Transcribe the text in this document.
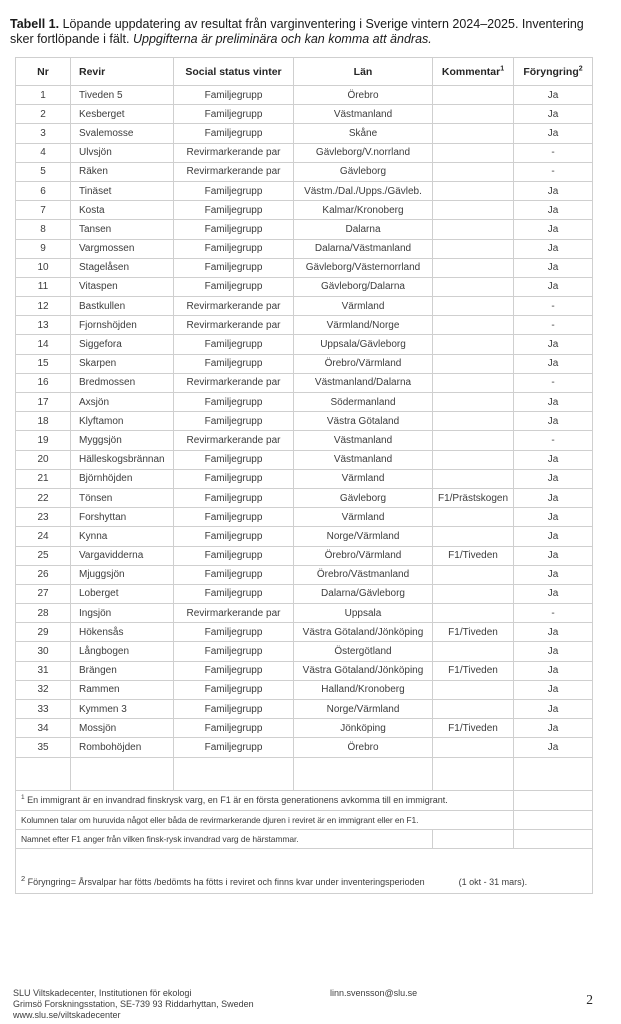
Tabell 1. Löpande uppdatering av resultat från varginventering i Sverige vintern 2024–2025. Inventering sker fortlöpande i fält. Uppgifterna är preliminära och kan komma att ändras.

Nr	Revir	Social status vinter	Län	Kommentar$^1$	Föryngring$^2$
1	Tiveden 5	Familjegrupp	Örebro		Ja
2	Kesberget	Familjegrupp	Västmanland		Ja
3	Svalemosse	Familjegrupp	Skåne		Ja
4	Ulvsjön	Revirmarkerande par	Gävleborg/V.norrland		-
5	Räken	Revirmarkerande par	Gävleborg		-
6	Tinäset	Familjegrupp	Västm./Dal./Upps./Gävleb.		Ja
7	Kosta	Familjegrupp	Kalmar/Kronoberg		Ja
8	Tansen	Familjegrupp	Dalarna		Ja
9	Vargmossen	Familjegrupp	Dalarna/Västmanland		Ja
10	Stagelåsen	Familjegrupp	Gävleborg/Västernorrland		Ja
11	Vitaspen	Familjegrupp	Gävleborg/Dalarna		Ja
12	Bastkullen	Revirmarkerande par	Värmland		-
13	Fjornshöjden	Revirmarkerande par	Värmland/Norge		-
14	Siggefora	Familjegrupp	Uppsala/Gävleborg		Ja
15	Skarpen	Familjegrupp	Örebro/Värmland		Ja
16	Bredmossen	Revirmarkerande par	Västmanland/Dalarna		-
17	Axsjön	Familjegrupp	Södermanland		Ja
18	Klyftamon	Familjegrupp	Västra Götaland		Ja
19	Myggsjön	Revirmarkerande par	Västmanland		-
20	Hälleskogsbrännan	Familjegrupp	Västmanland		Ja
21	Björnhöjden	Familjegrupp	Värmland		Ja
22	Tönsen	Familjegrupp	Gävleborg	F1/Prästskogen	Ja
23	Forshyttan	Familjegrupp	Värmland		Ja
24	Kynna	Familjegrupp	Norge/Värmland		Ja
25	Vargavidderna	Familjegrupp	Örebro/Värmland	F1/Tiveden	Ja
26	Mjuggsjön	Familjegrupp	Örebro/Västmanland		Ja
27	Loberget	Familjegrupp	Dalarna/Gävleborg		Ja
28	Ingsjön	Revirmarkerande par	Uppsala		-
29	Hökensås	Familjegrupp	Västra Götaland/Jönköping	F1/Tiveden	Ja
30	Långbogen	Familjegrupp	Östergötland		Ja
31	Brängen	Familjegrupp	Västra Götaland/Jönköping	F1/Tiveden	Ja
32	Rammen	Familjegrupp	Halland/Kronoberg		Ja
33	Kymmen 3	Familjegrupp	Norge/Värmland		Ja
34	Mossjön	Familjegrupp	Jönköping	F1/Tiveden	Ja
35	Rombohöjden	Familjegrupp	Örebro		Ja

$^1$ En immigrant är en invandrad finskrysk varg, en F1 är en första generationens avkomma till en immigrant.					
Kolumnen talar om huruvida något eller båda de revirmarkerande djuren i reviret är en immigrant eller en F1.					
Namnet efter F1 anger från vilken finsk-rysk invandrad varg de härstammar.					
$^2$ Föryngring= Årsvalpar har fötts /bedömts ha fötts i reviret och finns kvar under inventeringsperioden (1 okt - 31 mars).					
SLU Viltskadecenter, Institutionen för ekologi
Grimsö Forskningsstation, SE-739 93 Riddarhyttan, Sweden
www.slu.se/viltskadecenter
linn.svensson@slu.se	2
